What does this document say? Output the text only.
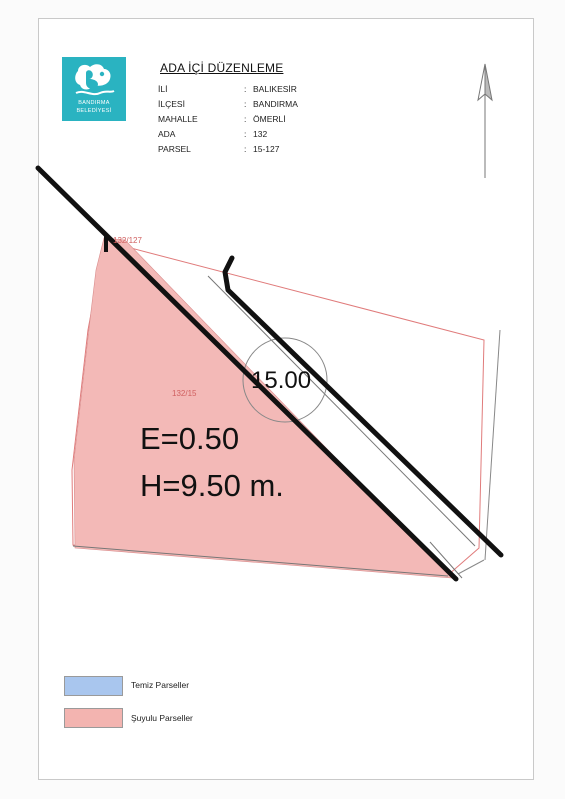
BANDIRMA
BELEDİYESİ
ADA İÇİ DÜZENLEME
İLİ	: BALIKESİR
İLÇESİ	: BANDIRMA
MAHALLE	: ÖMERLİ
ADA	: 132
PARSEL	: 15-127
132/127
132/15 15.00
E=0.50
H=9.50 m.
Temiz Parseller
Şuyulu Parseller
